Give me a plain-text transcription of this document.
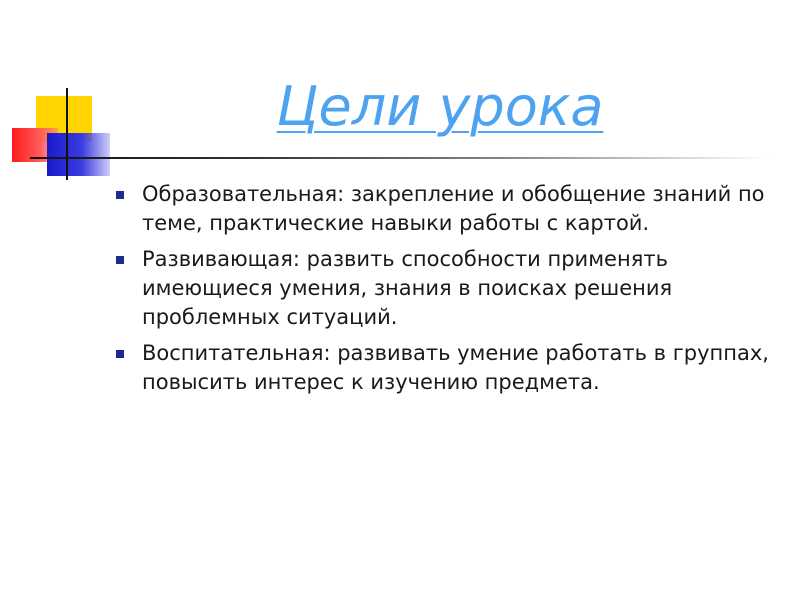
Цели урока
Образовательная: закрепление и обобщение знаний по теме, практические навыки работы с картой.
Развивающая: развить способности применять имеющиеся умения, знания в поисках решения проблемных ситуаций.
Воспитательная: развивать умение работать в группах, повысить интерес к изучению предмета.
